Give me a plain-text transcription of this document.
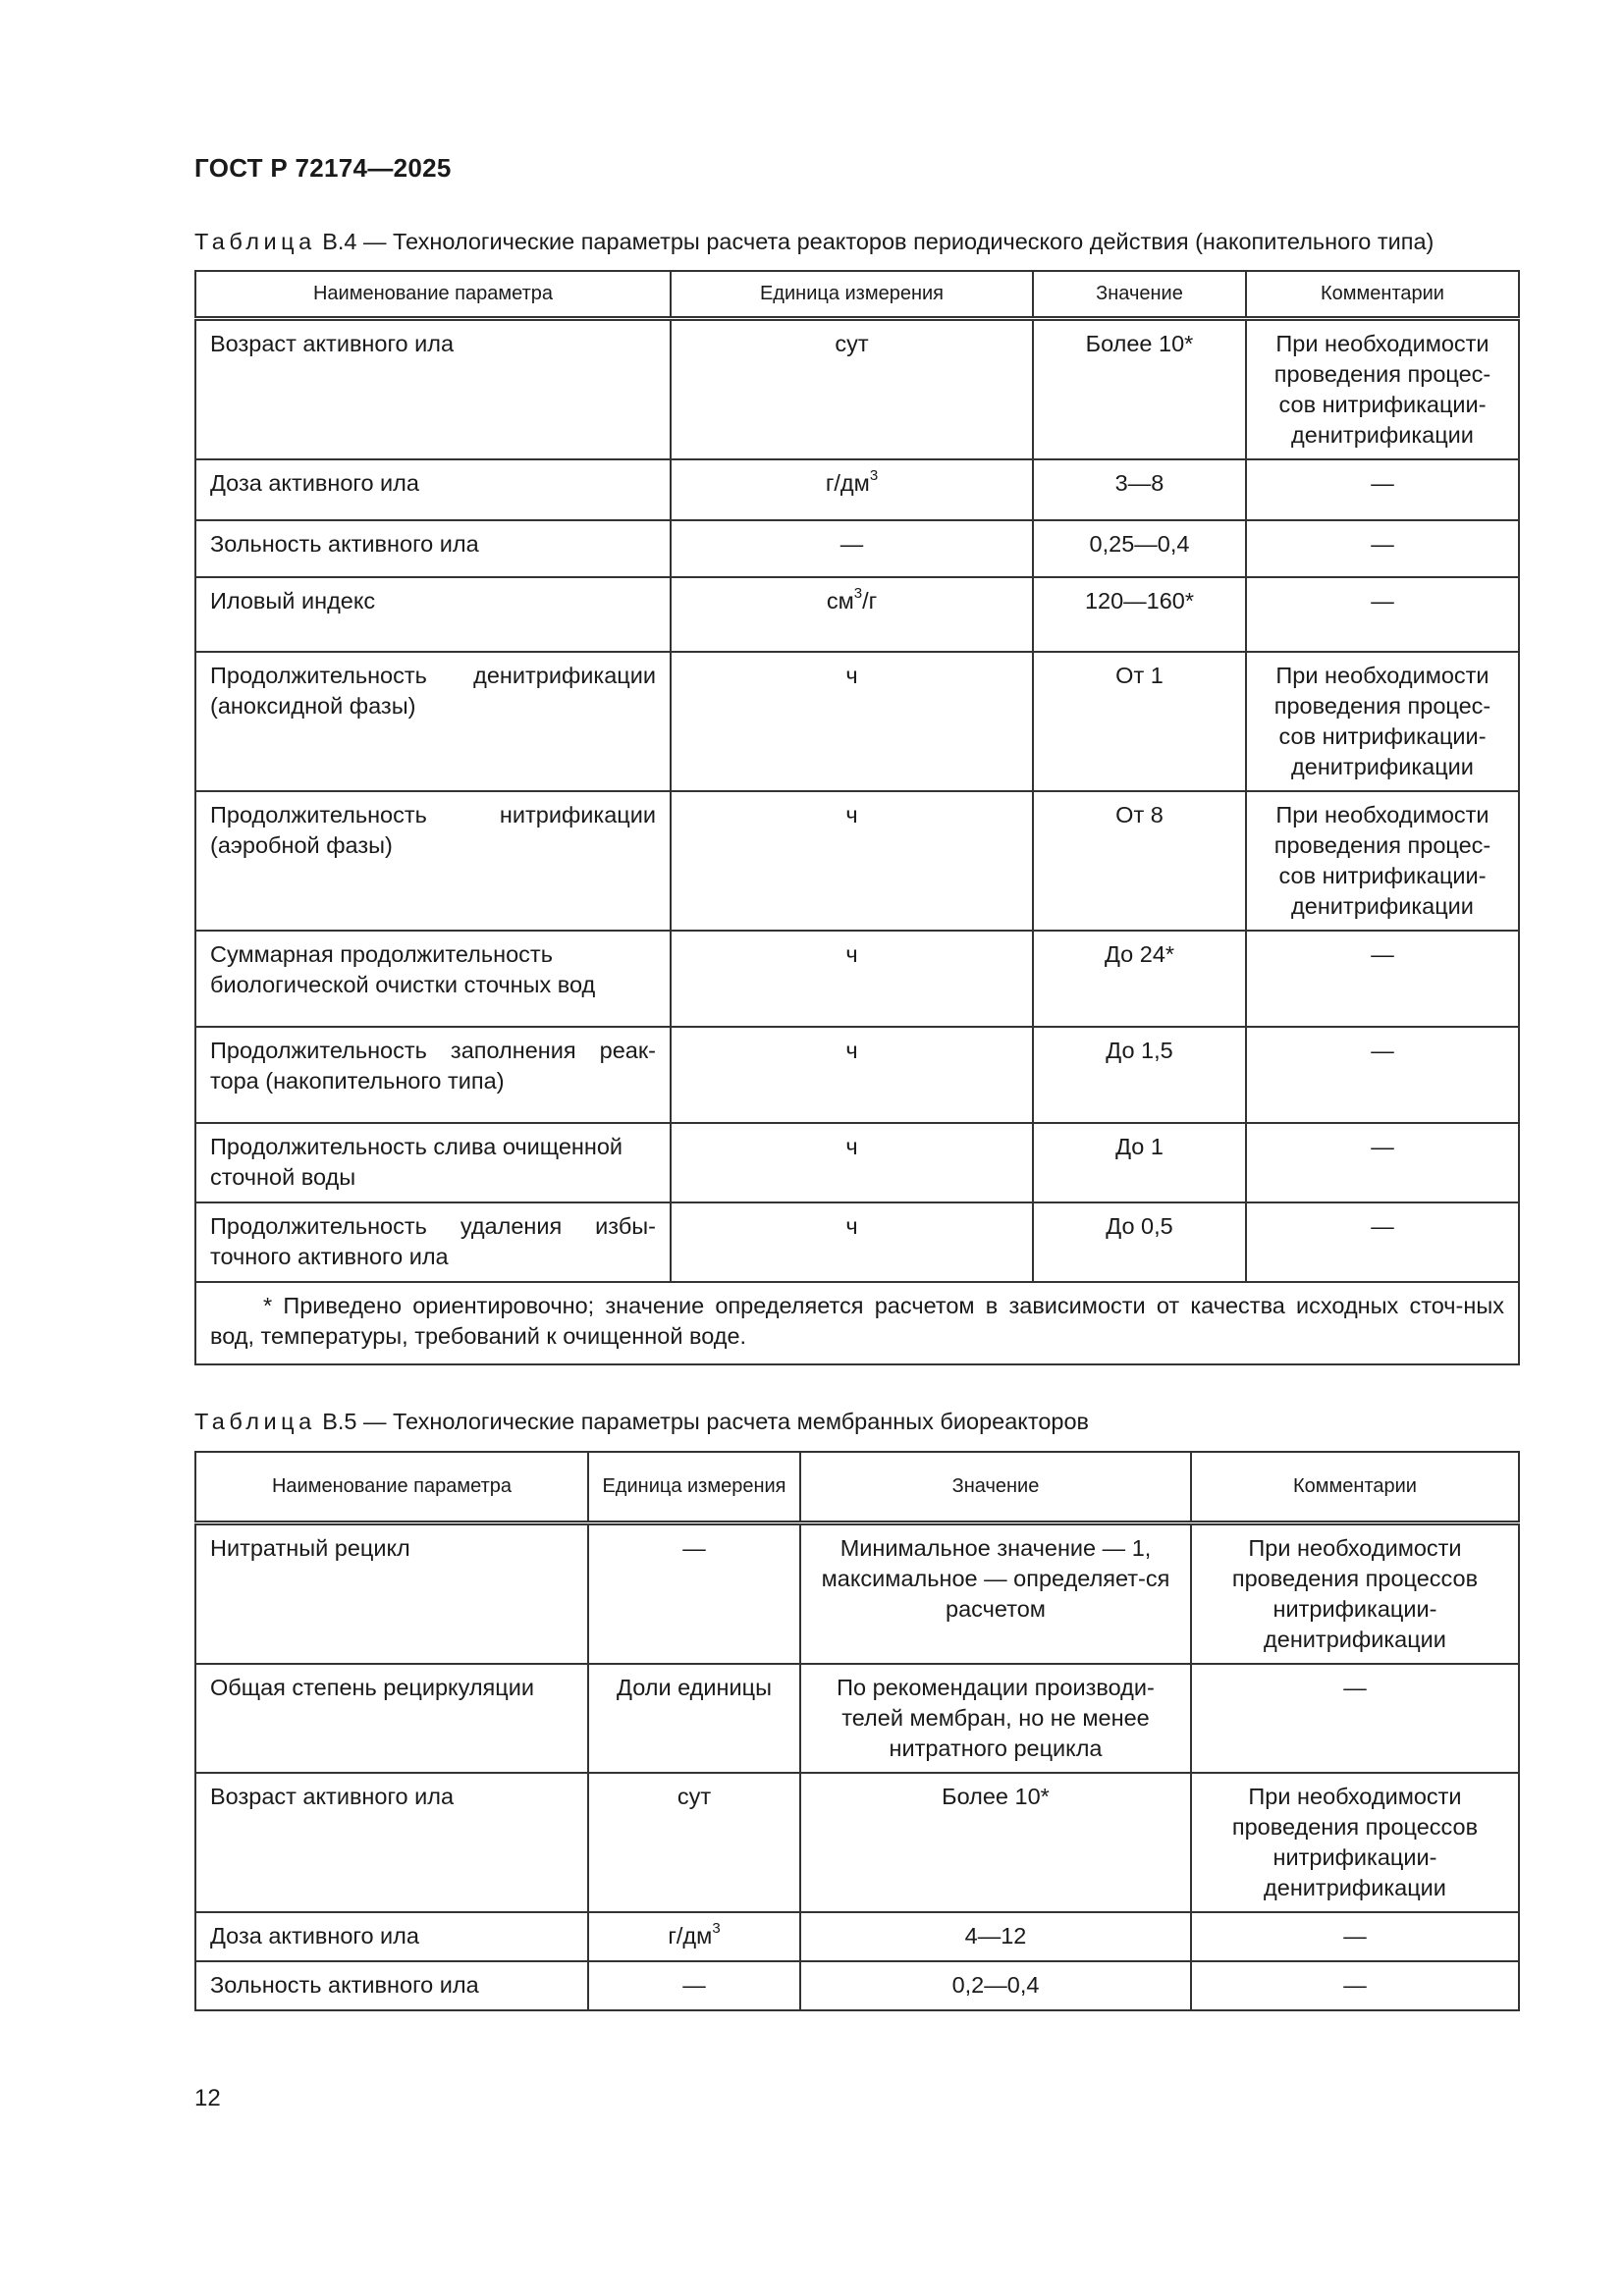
ГОСТ Р 72174—2025
Таблица В.4 — Технологические параметры расчета реакторов периодического действия (накопительного типа)
Наименование параметра	Единица измерения	Значение	Комментарии
Возраст активного ила	сут	Более 10*	При необходимости проведения процес-сов нитрификации-денитрификации
Доза активного ила	$г/дм^3$	3—8	—
Зольность активного ила	—	0,25—0,4	—
Иловый индекс	$см^3/г$	120—160*	—
Продолжительность денитрификации (аноксидной фазы)	ч	От 1	При необходимости проведения процес-сов нитрификации-денитрификации
Продолжительность нитрификации (аэробной фазы)	ч	От 8	При необходимости проведения процес-сов нитрификации-денитрификации
Суммарная продолжительность биологической очистки сточных вод	ч	До 24*	—
Продолжительность заполнения реак-тора (накопительного типа)	ч	До 1,5	—
Продолжительность слива очищенной сточной воды	ч	До 1	—
Продолжительность удаления избы-точного активного ила	ч	До 0,5	—
* Приведено ориентировочно; значение определяется расчетом в зависимости от качества исходных сточ-ных вод, температуры, требований к очищенной воде.			
Таблица В.5 — Технологические параметры расчета мембранных биореакторов
Наименование параметра	Единица измерения	Значение	Комментарии
Нитратный рецикл	—	Минимальное значение — 1, максимальное — определяет-ся расчетом	При необходимости проведения процессов нитрификации-денитрификации
Общая степень рециркуляции	Доли единицы	По рекомендации производи-телей мембран, но не менее нитратного рецикла	—
Возраст активного ила	сут	Более 10*	При необходимости проведения процессов нитрификации-денитрификации
Доза активного ила	$г/дм^3$	4—12	—
Зольность активного ила	—	0,2—0,4	—
12
